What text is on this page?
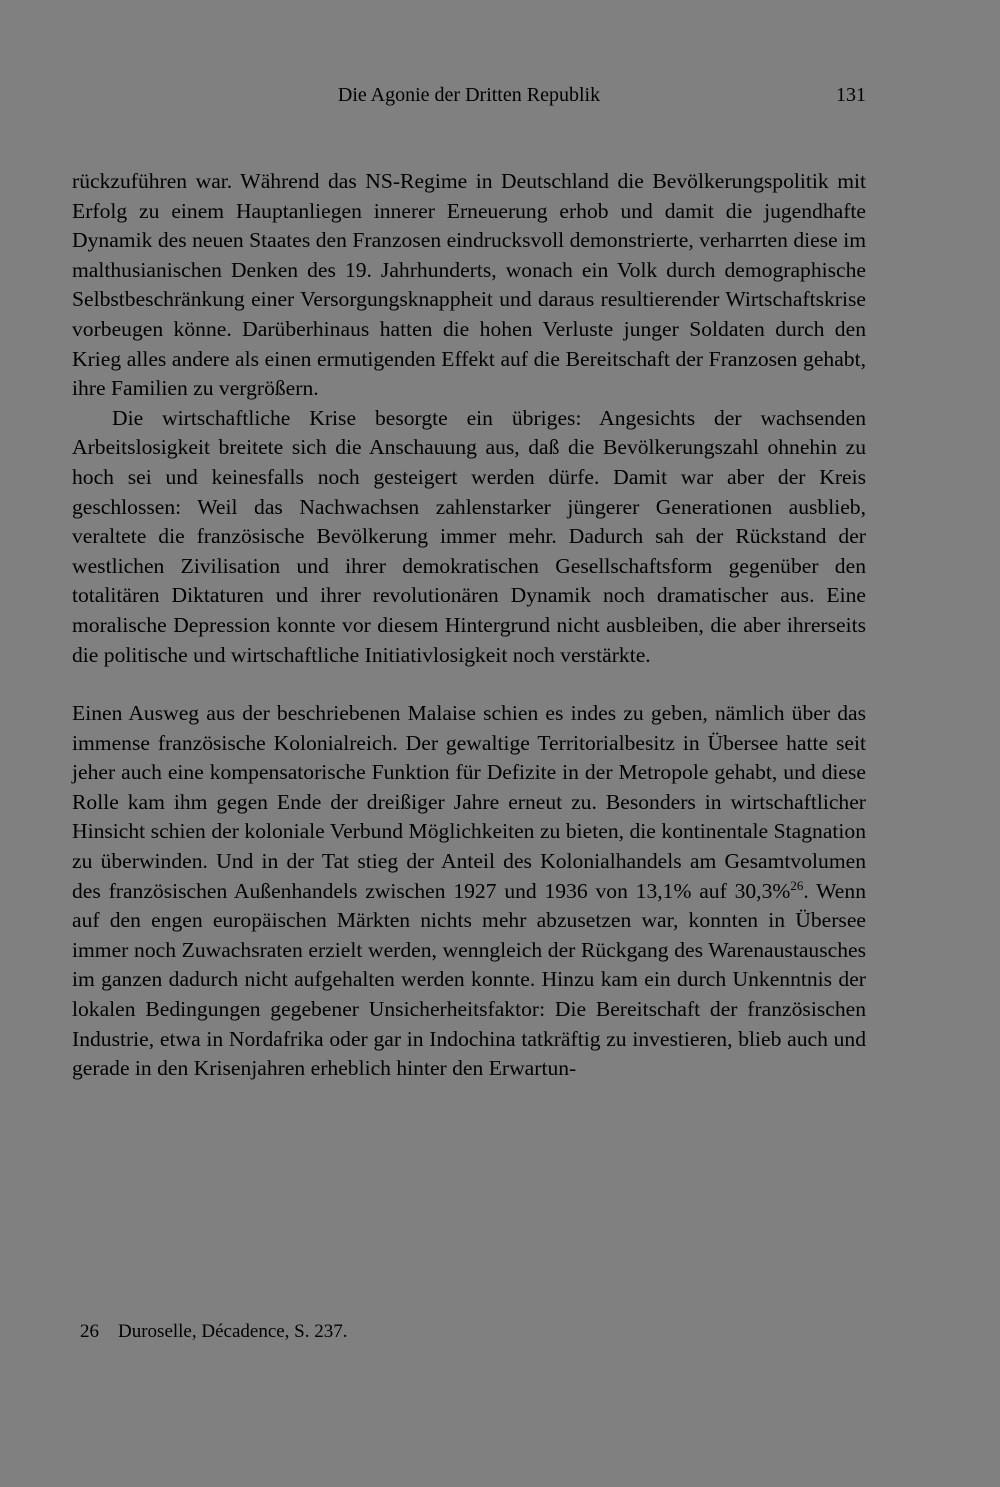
Die Agonie der Dritten Republik	131

rückzuführen war. Während das NS-Regime in Deutschland die Bevölkerungspolitik mit Erfolg zu einem Hauptanliegen innerer Erneuerung erhob und damit die jugendhafte Dynamik des neuen Staates den Franzosen eindrucksvoll demonstrierte, verharrten diese im malthusianischen Denken des 19. Jahrhunderts, wonach ein Volk durch demographische Selbstbeschränkung einer Versorgungsknappheit und daraus resultierender Wirtschaftskrise vorbeugen könne. Darüberhinaus hatten die hohen Verluste junger Soldaten durch den Krieg alles andere als einen ermutigenden Effekt auf die Bereitschaft der Franzosen gehabt, ihre Familien zu vergrößern.

Die wirtschaftliche Krise besorgte ein übriges: Angesichts der wachsenden Arbeitslosigkeit breitete sich die Anschauung aus, daß die Bevölkerungszahl ohnehin zu hoch sei und keinesfalls noch gesteigert werden dürfe. Damit war aber der Kreis geschlossen: Weil das Nachwachsen zahlenstarker jüngerer Generationen ausblieb, veraltete die französische Bevölkerung immer mehr. Dadurch sah der Rückstand der westlichen Zivilisation und ihrer demokratischen Gesellschaftsform gegenüber den totalitären Diktaturen und ihrer revolutionären Dynamik noch dramatischer aus. Eine moralische Depression konnte vor diesem Hintergrund nicht ausbleiben, die aber ihrerseits die politische und wirtschaftliche Initiativlosigkeit noch verstärkte.

Einen Ausweg aus der beschriebenen Malaise schien es indes zu geben, nämlich über das immense französische Kolonialreich. Der gewaltige Territorialbesitz in Übersee hatte seit jeher auch eine kompensatorische Funktion für Defizite in der Metropole gehabt, und diese Rolle kam ihm gegen Ende der dreißiger Jahre erneut zu. Besonders in wirtschaftlicher Hinsicht schien der koloniale Verbund Möglichkeiten zu bieten, die kontinentale Stagnation zu überwinden. Und in der Tat stieg der Anteil des Kolonialhandels am Gesamtvolumen des französischen Außenhandels zwischen 1927 und 1936 von 13,1% auf 30,3%$^{26}$. Wenn auf den engen europäischen Märkten nichts mehr abzusetzen war, konnten in Übersee immer noch Zuwachsraten erzielt werden, wenngleich der Rückgang des Warenaustausches im ganzen dadurch nicht aufgehalten werden konnte. Hinzu kam ein durch Unkenntnis der lokalen Bedingungen gegebener Unsicherheitsfaktor: Die Bereitschaft der französischen Industrie, etwa in Nordafrika oder gar in Indochina tatkräftig zu investieren, blieb auch und gerade in den Krisenjahren erheblich hinter den Erwartun-

26 Duroselle, Décadence, S. 237.
